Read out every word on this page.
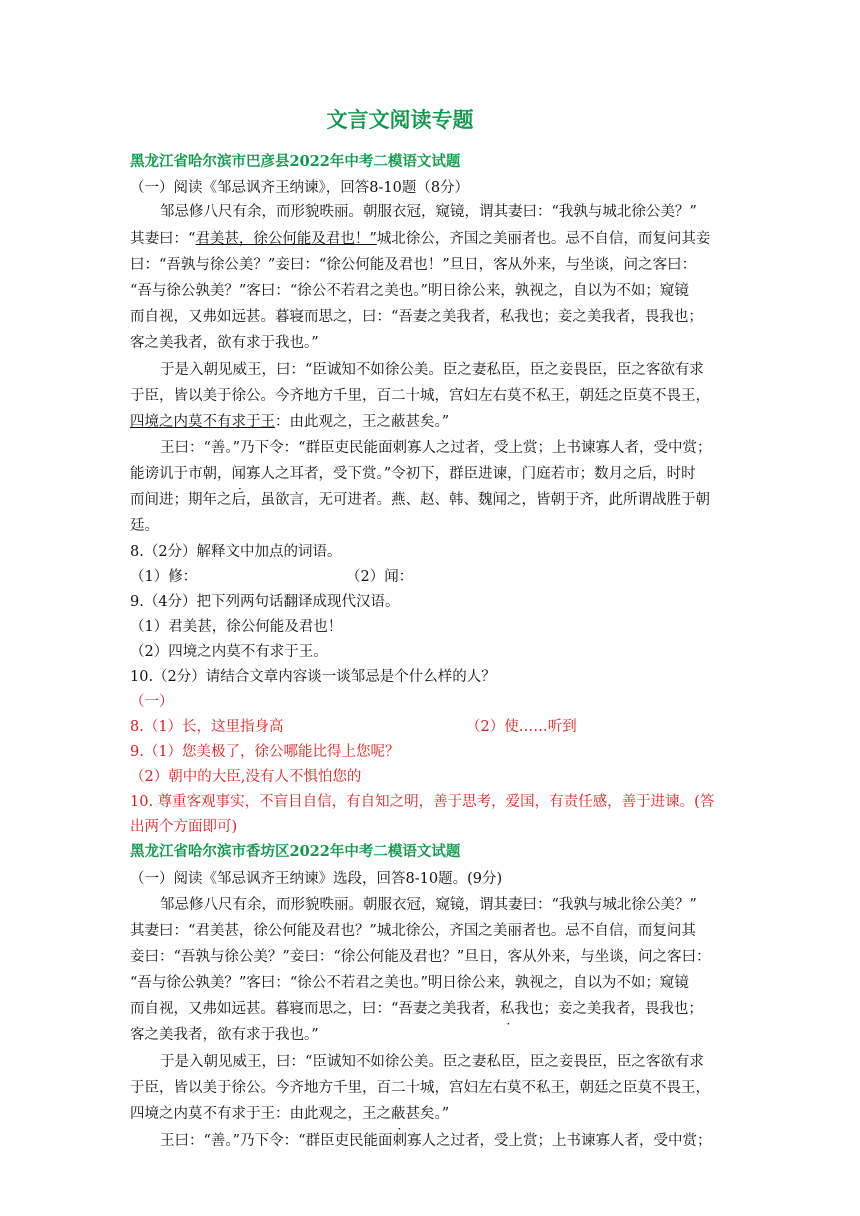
文言文阅读专题
黑龙江省哈尔滨市巴彦县2022年中考二模语文试题
（一）阅读《邹忌讽齐王纳谏》，回答8-10题（8分）
邹忌修八尺有余，而形貌昳丽。朝服衣冠，窥镜，谓其妻曰：“我孰与城北徐公美？”
其妻曰：“君美甚，徐公何能及君也！”城北徐公，齐国之美丽者也。忌不自信，而复问其妾
曰：“吾孰与徐公美？”妾曰：“徐公何能及君也！”旦日，客从外来，与坐谈，问之客曰：
“吾与徐公孰美？”客曰：“徐公不若君之美也。”明日徐公来，孰视之，自以为不如；窥镜
而自视，又弗如远甚。暮寝而思之，曰：“吾妻之美我者，私我也；妾之美我者，畏我也；
客之美我者，欲有求于我也。”
于是入朝见威王，曰：“臣诚知不如徐公美。臣之妻私臣，臣之妾畏臣，臣之客欲有求
于臣，皆以美于徐公。今齐地方千里，百二十城，宫妇左右莫不私王，朝廷之臣莫不畏王，
四境之内莫不有求于王：由此观之，王之蔽甚矣。”
王曰：“善。”乃下令：“群臣吏民能面刺寡人之过者，受上赏；上书谏寡人者，受中赏；
能谤讥于市朝，闻寡人之耳者，受下赏。”令初下，群臣进谏，门庭若市；数月之后，时时
而间进；期年之后，虽欲言，无可进者。燕、赵、韩、魏闻之，皆朝于齐，此所谓战胜于朝
廷。
8.（2分）解释文中加点的词语。
（1）修：	（2）闻：
9.（4分）把下列两句话翻译成现代汉语。
（1）君美甚，徐公何能及君也！
（2）四境之内莫不有求于王。
10.（2分）请结合文章内容谈一谈邹忌是个什么样的人？
（一）
8.（1）长，这里指身高	（2）使……听到
9.（1）您美极了，徐公哪能比得上您呢？
（2）朝中的大臣,没有人不惧怕您的
10. 尊重客观事实，不盲目自信，有自知之明，善于思考，爱国，有责任感，善于进谏。(答
出两个方面即可)
黑龙江省哈尔滨市香坊区2022年中考二模语文试题
（一）阅读《邹忌讽齐王纳谏》选段，回答8-10题。(9分)
邹忌修八尺有余，而形貌昳丽。朝服衣冠，窥镜，谓其妻曰：“我孰与城北徐公美？”
其妻曰：“君美甚，徐公何能及君也？”城北徐公，齐国之美丽者也。忌不自信，而复问其
妾曰：“吾孰与徐公美？”妾曰：“徐公何能及君也？”旦日，客从外来，与坐谈，问之客曰：
“吾与徐公孰美？”客曰：“徐公不若君之美也。”明日徐公来，孰视之，自以为不如；窥镜
而自视，又弗如远甚。暮寝而思之，曰：“吾妻之美我者，私我也；妾之美我者，畏我也；
客之美我者，欲有求于我也。”
于是入朝见威王，曰：“臣诚知不如徐公美。臣之妻私臣，臣之妾畏臣，臣之客欲有求
于臣，皆以美于徐公。今齐地方千里，百二十城，宫妇左右莫不私王，朝廷之臣莫不畏王，
四境之内莫不有求于王：由此观之，王之蔽甚矣。”
王曰：“善。”乃下令：“群臣吏民能面刺寡人之过者，受上赏；上书谏寡人者，受中赏；
